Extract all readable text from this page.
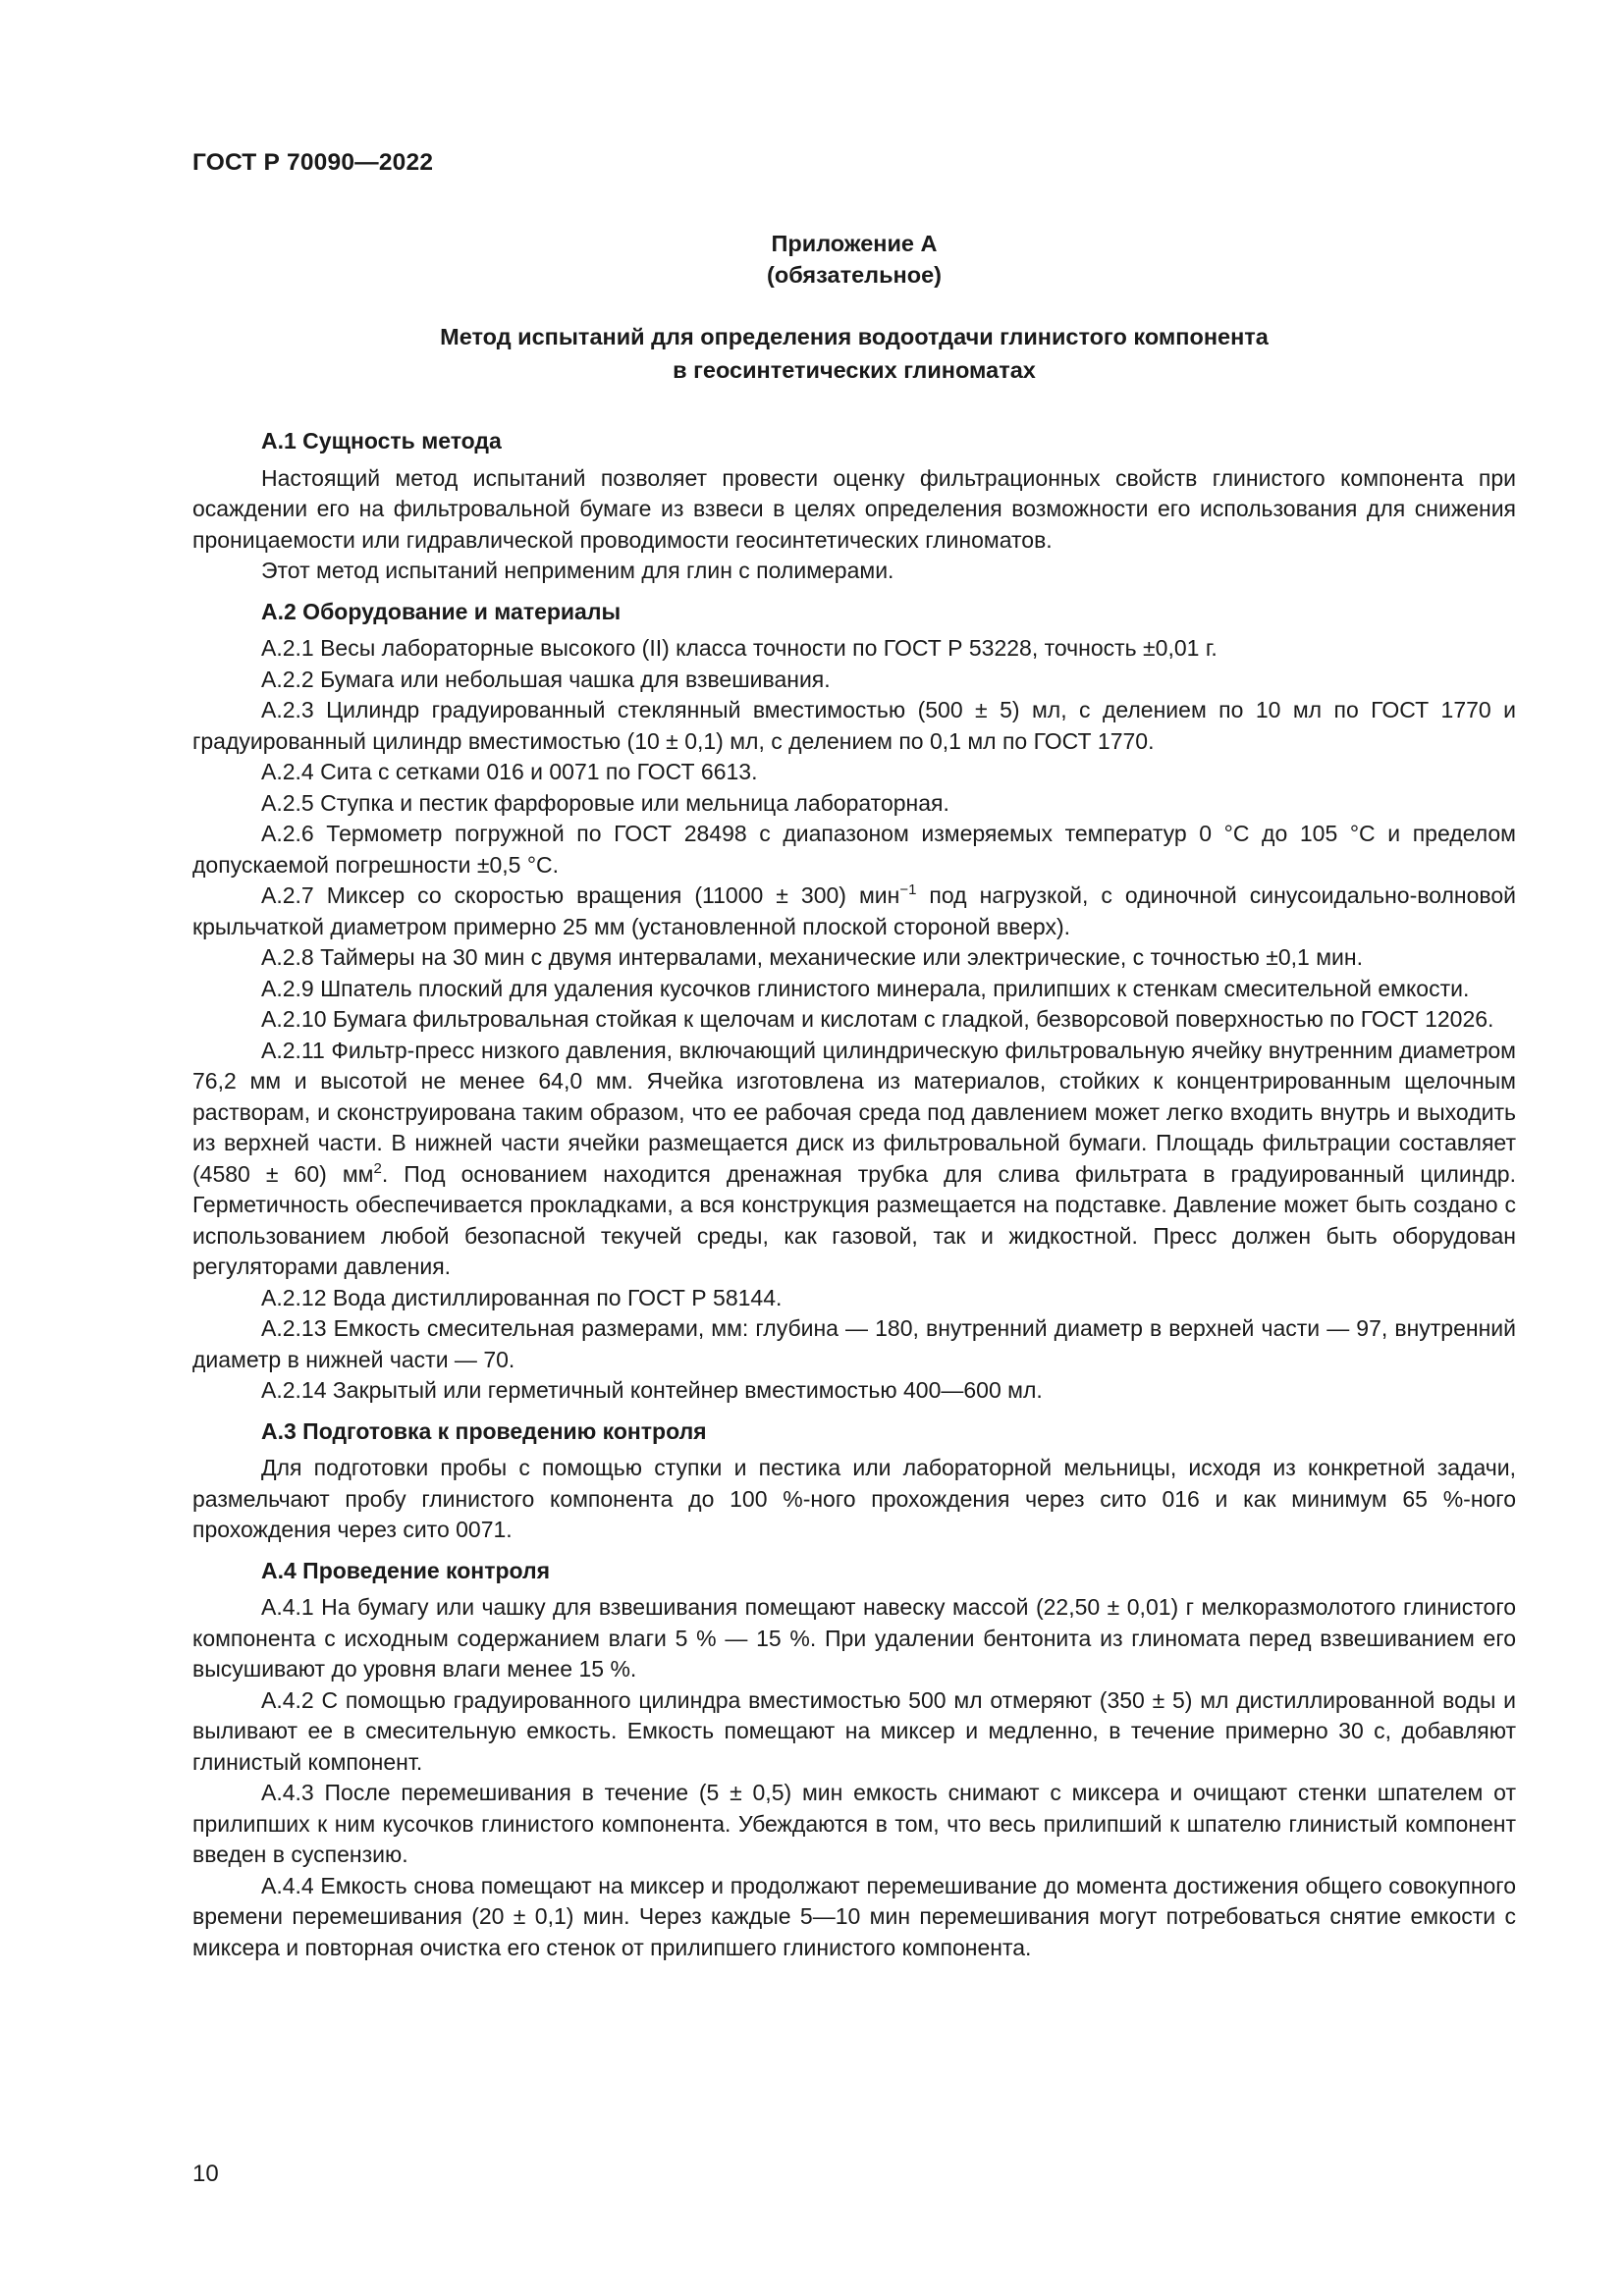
ГОСТ Р 70090—2022
Приложение А
(обязательное)
Метод испытаний для определения водоотдачи глинистого компонента
в геосинтетических глиноматах
А.1 Сущность метода

Настоящий метод испытаний позволяет провести оценку фильтрационных свойств глинистого компонента при осаждении его на фильтровальной бумаге из взвеси в целях определения возможности его использования для снижения проницаемости или гидравлической проводимости геосинтетических глиноматов.

Этот метод испытаний неприменим для глин с полимерами.

А.2 Оборудование и материалы

А.2.1 Весы лабораторные высокого (II) класса точности по ГОСТ Р 53228, точность ±0,01 г.

А.2.2 Бумага или небольшая чашка для взвешивания.

А.2.3 Цилиндр градуированный стеклянный вместимостью (500 ± 5) мл, с делением по 10 мл по ГОСТ 1770 и градуированный цилиндр вместимостью (10 ± 0,1) мл, с делением по 0,1 мл по ГОСТ 1770.

А.2.4 Сита с сетками 016 и 0071 по ГОСТ 6613.

А.2.5 Ступка и пестик фарфоровые или мельница лабораторная.

А.2.6 Термометр погружной по ГОСТ 28498 с диапазоном измеряемых температур 0 °С до 105 °С и пределом допускаемой погрешности ±0,5 °С.

А.2.7 Миксер со скоростью вращения (11000 ± 300) мин$^{-1}$ под нагрузкой, с одиночной синусоидально-волновой крыльчаткой диаметром примерно 25 мм (установленной плоской стороной вверх).

А.2.8 Таймеры на 30 мин с двумя интервалами, механические или электрические, с точностью ±0,1 мин.

А.2.9 Шпатель плоский для удаления кусочков глинистого минерала, прилипших к стенкам смесительной емкости.

А.2.10 Бумага фильтровальная стойкая к щелочам и кислотам с гладкой, безворсовой поверхностью по ГОСТ 12026.

А.2.11 Фильтр-пресс низкого давления, включающий цилиндрическую фильтровальную ячейку внутренним диаметром 76,2 мм и высотой не менее 64,0 мм. Ячейка изготовлена из материалов, стойких к концентрированным щелочным растворам, и сконструирована таким образом, что ее рабочая среда под давлением может легко входить внутрь и выходить из верхней части. В нижней части ячейки размещается диск из фильтровальной бумаги. Площадь фильтрации составляет (4580 ± 60) $мм^2$. Под основанием находится дренажная трубка для слива фильтрата в градуированный цилиндр. Герметичность обеспечивается прокладками, а вся конструкция размещается на подставке. Давление может быть создано с использованием любой безопасной текучей среды, как газовой, так и жидкостной. Пресс должен быть оборудован регуляторами давления.

А.2.12 Вода дистиллированная по ГОСТ Р 58144.

А.2.13 Емкость смесительная размерами, мм: глубина — 180, внутренний диаметр в верхней части — 97, внутренний диаметр в нижней части — 70.

А.2.14 Закрытый или герметичный контейнер вместимостью 400—600 мл.

А.3 Подготовка к проведению контроля

Для подготовки пробы с помощью ступки и пестика или лабораторной мельницы, исходя из конкретной задачи, размельчают пробу глинистого компонента до 100 %-ного прохождения через сито 016 и как минимум 65 %-ного прохождения через сито 0071.

А.4 Проведение контроля

А.4.1 На бумагу или чашку для взвешивания помещают навеску массой (22,50 ± 0,01) г мелкоразмолотого глинистого компонента с исходным содержанием влаги 5 % — 15 %. При удалении бентонита из глиномата перед взвешиванием его высушивают до уровня влаги менее 15 %.

А.4.2 С помощью градуированного цилиндра вместимостью 500 мл отмеряют (350 ± 5) мл дистиллированной воды и выливают ее в смесительную емкость. Емкость помещают на миксер и медленно, в течение примерно 30 с, добавляют глинистый компонент.

А.4.3 После перемешивания в течение (5 ± 0,5) мин емкость снимают с миксера и очищают стенки шпателем от прилипших к ним кусочков глинистого компонента. Убеждаются в том, что весь прилипший к шпателю глинистый компонент введен в суспензию.

А.4.4 Емкость снова помещают на миксер и продолжают перемешивание до момента достижения общего совокупного времени перемешивания (20 ± 0,1) мин. Через каждые 5—10 мин перемешивания могут потребоваться снятие емкости с миксера и повторная очистка его стенок от прилипшего глинистого компонента.

10
